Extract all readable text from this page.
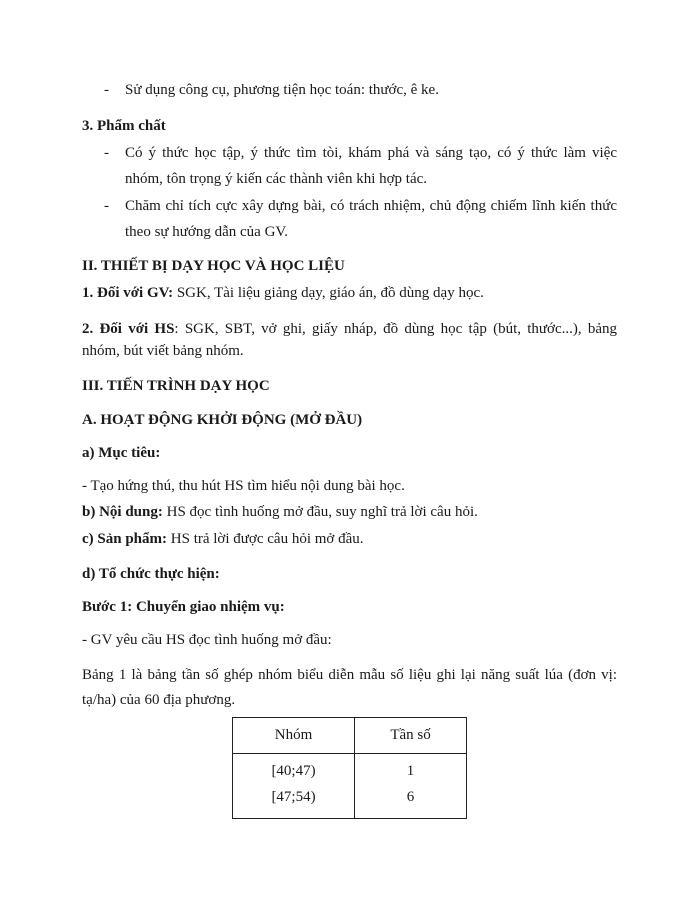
- Sử dụng công cụ, phương tiện học toán: thước, ê ke.
3. Phẩm chất
- Có ý thức học tập, ý thức tìm tòi, khám phá và sáng tạo, có ý thức làm việc
nhóm, tôn trọng ý kiến các thành viên khi hợp tác.
- Chăm chỉ tích cực xây dựng bài, có trách nhiệm, chủ động chiếm lĩnh kiến thức
theo sự hướng dẫn của GV.
II. THIẾT BỊ DẠY HỌC VÀ HỌC LIỆU
1. Đối với GV: SGK, Tài liệu giảng dạy, giáo án, đồ dùng dạy học.
2. Đối với HS: SGK, SBT, vở ghi, giấy nháp, đồ dùng học tập (bút, thước...), bảng
nhóm, bút viết bảng nhóm.
III. TIẾN TRÌNH DẠY HỌC
A. HOẠT ĐỘNG KHỞI ĐỘNG (MỞ ĐẦU)
a) Mục tiêu:
- Tạo hứng thú, thu hút HS tìm hiểu nội dung bài học.
b) Nội dung: HS đọc tình huống mở đầu, suy nghĩ trả lời câu hỏi.
c) Sản phẩm: HS trả lời được câu hỏi mở đầu.
d) Tổ chức thực hiện:
Bước 1: Chuyển giao nhiệm vụ:
- GV yêu cầu HS đọc tình huống mở đầu:
Bảng 1 là bảng tần số ghép nhóm biểu diễn mẫu số liệu ghi lại năng suất lúa (đơn vị:
tạ/ha) của 60 địa phương.
Nhóm	Tần số
[40;47)	1
[47;54)	6
